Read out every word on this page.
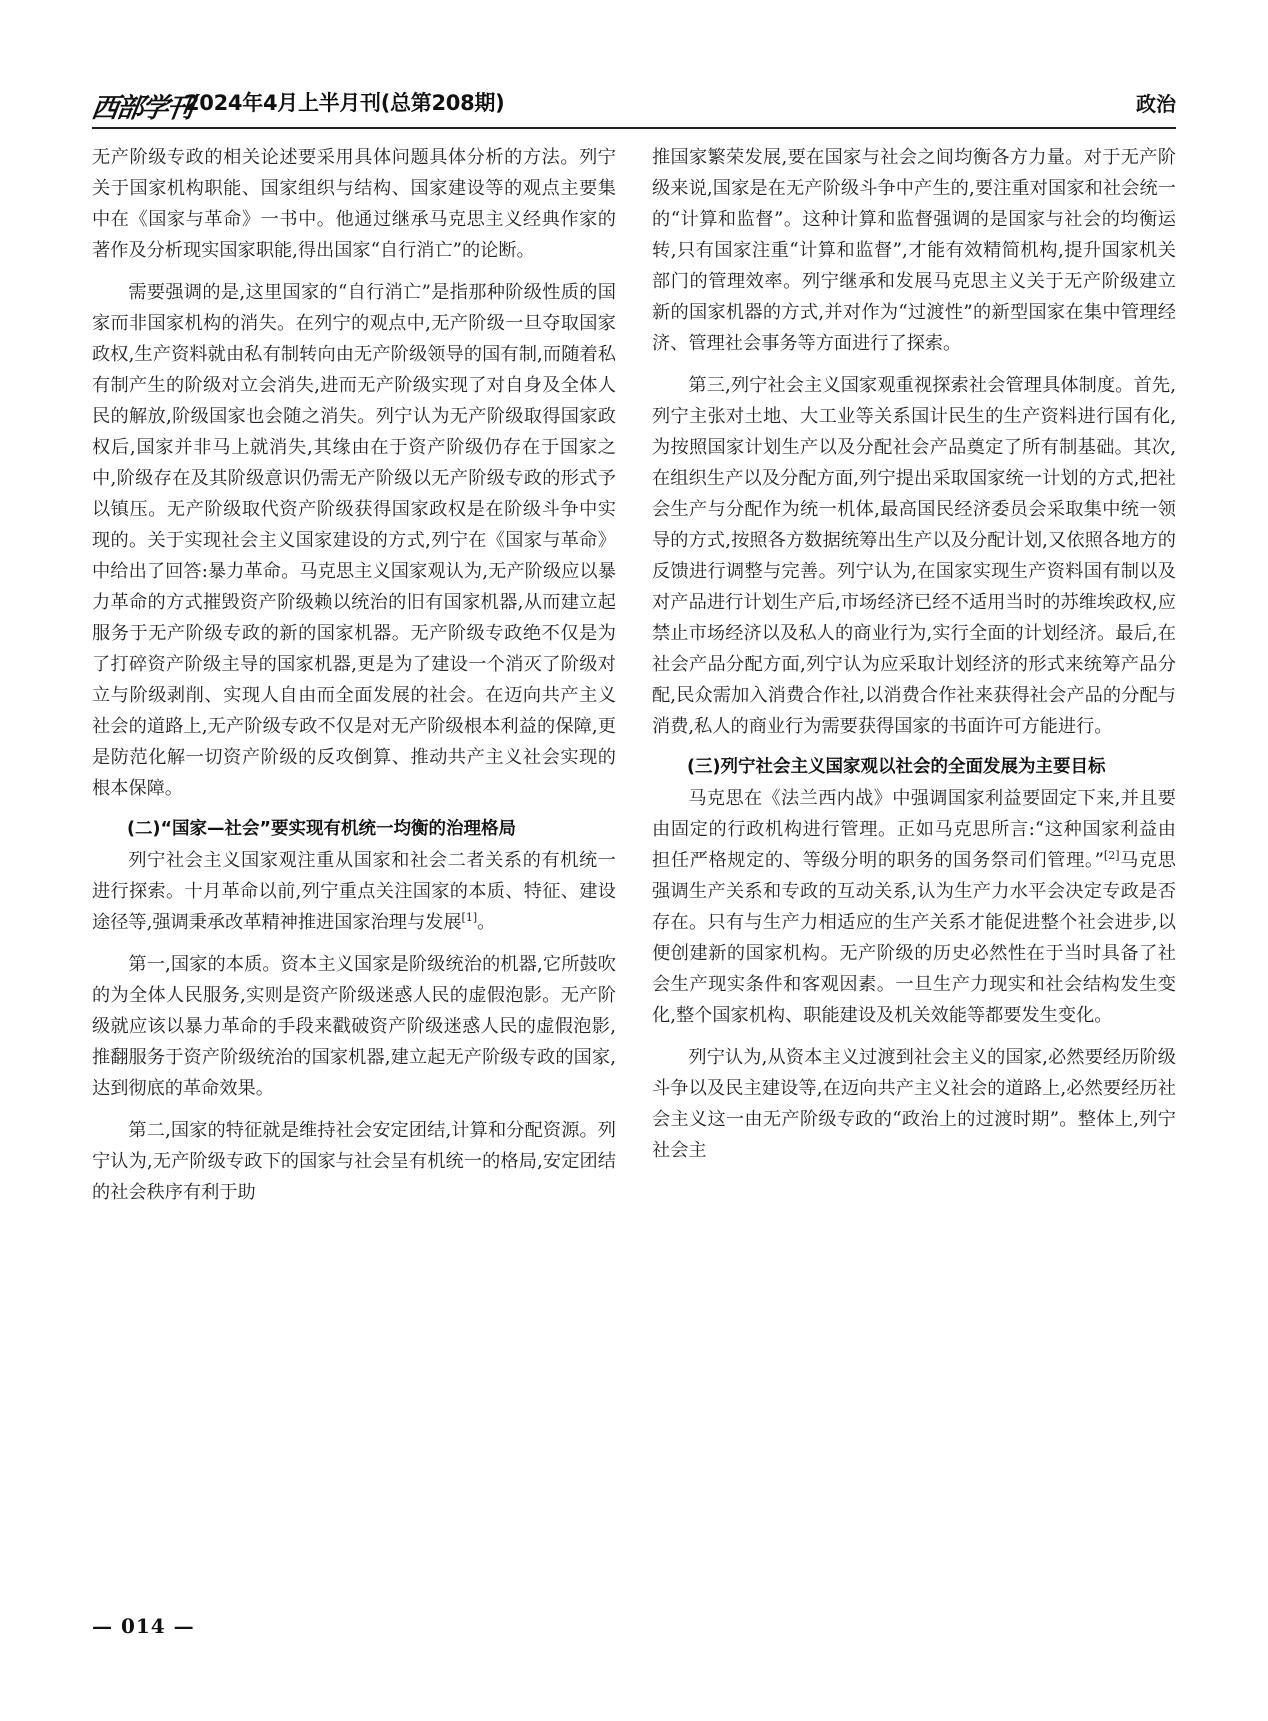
西部学刊
2024年4月上半月刊(总第208期)	政治

无产阶级专政的相关论述要采用具体问题具体分析的方法。列宁关于国家机构职能、国家组织与结构、国家建设等的观点主要集中在《国家与革命》一书中。他通过继承马克思主义经典作家的著作及分析现实国家职能,得出国家“自行消亡”的论断。

需要强调的是,这里国家的“自行消亡”是指那种阶级性质的国家而非国家机构的消失。在列宁的观点中,无产阶级一旦夺取国家政权,生产资料就由私有制转向由无产阶级领导的国有制,而随着私有制产生的阶级对立会消失,进而无产阶级实现了对自身及全体人民的解放,阶级国家也会随之消失。列宁认为无产阶级取得国家政权后,国家并非马上就消失,其缘由在于资产阶级仍存在于国家之中,阶级存在及其阶级意识仍需无产阶级以无产阶级专政的形式予以镇压。无产阶级取代资产阶级获得国家政权是在阶级斗争中实现的。关于实现社会主义国家建设的方式,列宁在《国家与革命》中给出了回答:暴力革命。马克思主义国家观认为,无产阶级应以暴力革命的方式摧毁资产阶级赖以统治的旧有国家机器,从而建立起服务于无产阶级专政的新的国家机器。无产阶级专政绝不仅是为了打碎资产阶级主导的国家机器,更是为了建设一个消灭了阶级对立与阶级剥削、实现人自由而全面发展的社会。在迈向共产主义社会的道路上,无产阶级专政不仅是对无产阶级根本利益的保障,更是防范化解一切资产阶级的反攻倒算、推动共产主义社会实现的根本保障。

(二)“国家—社会”要实现有机统一均衡的治理格局

列宁社会主义国家观注重从国家和社会二者关系的有机统一进行探索。十月革命以前,列宁重点关注国家的本质、特征、建设途径等,强调秉承改革精神推进国家治理与发展[1]。

第一,国家的本质。资本主义国家是阶级统治的机器,它所鼓吹的为全体人民服务,实则是资产阶级迷惑人民的虚假泡影。无产阶级就应该以暴力革命的手段来戳破资产阶级迷惑人民的虚假泡影,推翻服务于资产阶级统治的国家机器,建立起无产阶级专政的国家,达到彻底的革命效果。

第二,国家的特征就是维持社会安定团结,计算和分配资源。列宁认为,无产阶级专政下的国家与社会呈有机统一的格局,安定团结的社会秩序有利于助

推国家繁荣发展,要在国家与社会之间均衡各方力量。对于无产阶级来说,国家是在无产阶级斗争中产生的,要注重对国家和社会统一的“计算和监督”。这种计算和监督强调的是国家与社会的均衡运转,只有国家注重“计算和监督”,才能有效精简机构,提升国家机关部门的管理效率。列宁继承和发展马克思主义关于无产阶级建立新的国家机器的方式,并对作为“过渡性”的新型国家在集中管理经济、管理社会事务等方面进行了探索。

第三,列宁社会主义国家观重视探索社会管理具体制度。首先,列宁主张对土地、大工业等关系国计民生的生产资料进行国有化,为按照国家计划生产以及分配社会产品奠定了所有制基础。其次,在组织生产以及分配方面,列宁提出采取国家统一计划的方式,把社会生产与分配作为统一机体,最高国民经济委员会采取集中统一领导的方式,按照各方数据统筹出生产以及分配计划,又依照各地方的反馈进行调整与完善。列宁认为,在国家实现生产资料国有制以及对产品进行计划生产后,市场经济已经不适用当时的苏维埃政权,应禁止市场经济以及私人的商业行为,实行全面的计划经济。最后,在社会产品分配方面,列宁认为应采取计划经济的形式来统筹产品分配,民众需加入消费合作社,以消费合作社来获得社会产品的分配与消费,私人的商业行为需要获得国家的书面许可方能进行。

(三)列宁社会主义国家观以社会的全面发展为主要目标

马克思在《法兰西内战》中强调国家利益要固定下来,并且要由固定的行政机构进行管理。正如马克思所言:“这种国家利益由担任严格规定的、等级分明的职务的国务祭司们管理。”[2]马克思强调生产关系和专政的互动关系,认为生产力水平会决定专政是否存在。只有与生产力相适应的生产关系才能促进整个社会进步,以便创建新的国家机构。无产阶级的历史必然性在于当时具备了社会生产现实条件和客观因素。一旦生产力现实和社会结构发生变化,整个国家机构、职能建设及机关效能等都要发生变化。

列宁认为,从资本主义过渡到社会主义的国家,必然要经历阶级斗争以及民主建设等,在迈向共产主义社会的道路上,必然要经历社会主义这一由无产阶级专政的“政治上的过渡时期”。整体上,列宁社会主

— 014 —
